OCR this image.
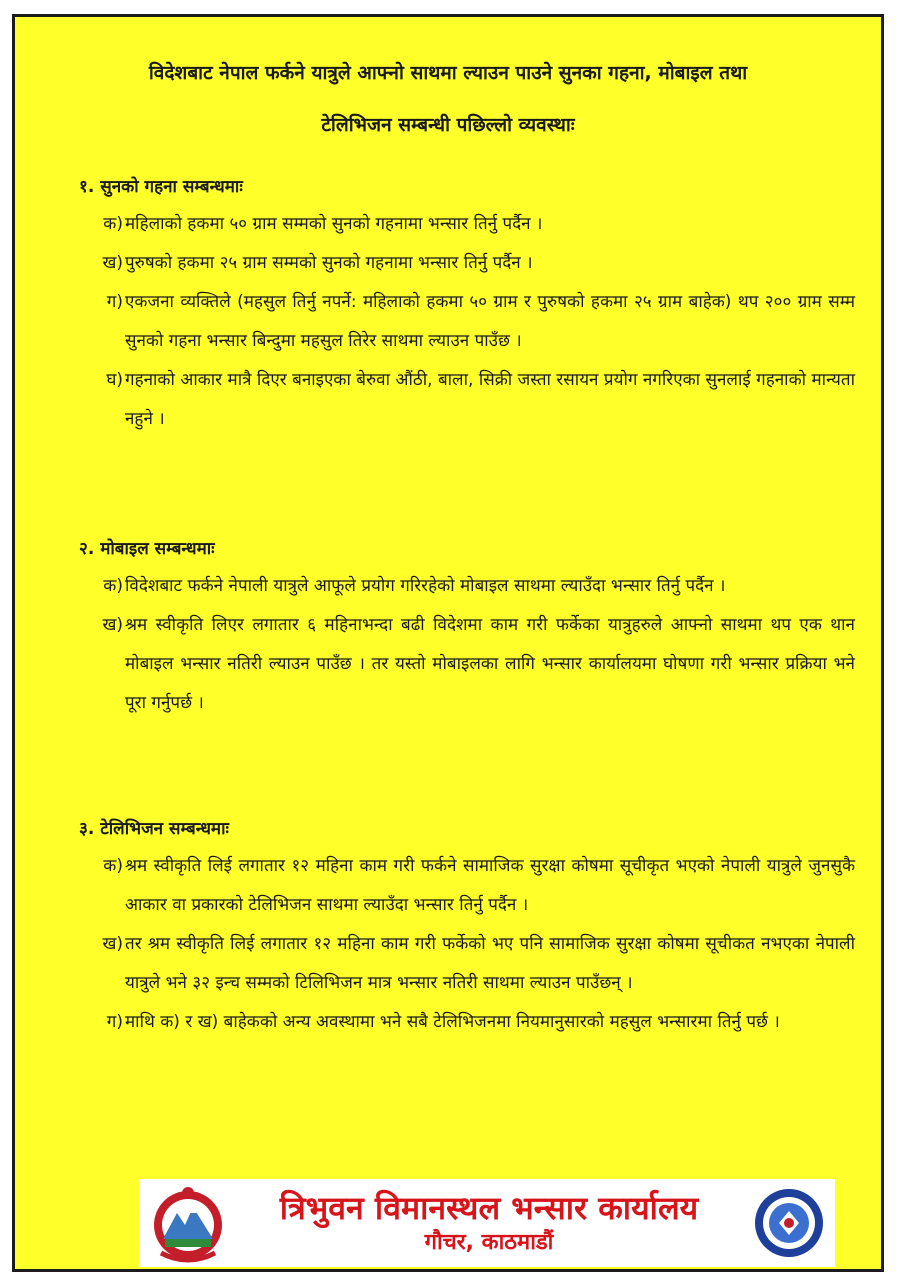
विदेशबाट नेपाल फर्कने यात्रुले आफ्नो साथमा ल्याउन पाउने सुनका गहना, मोबाइल तथा
टेलिभिजन सम्बन्धी पछिल्लो व्यवस्थाः
१. सुनको गहना सम्बन्धमाः
क) महिलाको हकमा ५० ग्राम सम्मको सुनको गहनामा भन्सार तिर्नु पर्दैन ।
ख) पुरुषको हकमा २५ ग्राम सम्मको सुनको गहनामा भन्सार तिर्नु पर्दैन ।
ग) एकजना व्यक्तिले (महसुल तिर्नु नपर्ने: महिलाको हकमा ५० ग्राम र पुरुषको हकमा २५ ग्राम बाहेक) थप २०० ग्राम सम्म सुनको गहना भन्सार बिन्दुमा महसुल तिरेर साथमा ल्याउन पाउँछ ।
घ) गहनाको आकार मात्रै दिएर बनाइएका बेरुवा औंठी, बाला, सिक्री जस्ता रसायन प्रयोग नगरिएका सुनलाई गहनाको मान्यता नहुने ।
२. मोबाइल सम्बन्धमाः
क) विदेशबाट फर्कने नेपाली यात्रुले आफूले प्रयोग गरिरहेको मोबाइल साथमा ल्याउँदा भन्सार तिर्नु पर्दैन ।
ख) श्रम स्वीकृति लिएर लगातार ६ महिनाभन्दा बढी विदेशमा काम गरी फर्केका यात्रुहरुले आफ्नो साथमा थप एक थान मोबाइल भन्सार नतिरी ल्याउन पाउँछ । तर यस्तो मोबाइलका लागि भन्सार कार्यालयमा घोषणा गरी भन्सार प्रक्रिया भने पूरा गर्नुपर्छ ।
३. टेलिभिजन सम्बन्धमाः
क) श्रम स्वीकृति लिई लगातार १२ महिना काम गरी फर्कने सामाजिक सुरक्षा कोषमा सूचीकृत भएको नेपाली यात्रुले जुनसुकै आकार वा प्रकारको टेलिभिजन साथमा ल्याउँदा भन्सार तिर्नु पर्दैन ।
ख) तर श्रम स्वीकृति लिई लगातार १२ महिना काम गरी फर्केको भए पनि सामाजिक सुरक्षा कोषमा सूचीकत नभएका नेपाली यात्रुले भने ३२ इन्च सम्मको टिलिभिजन मात्र भन्सार नतिरी साथमा ल्याउन पाउँछन् ।
ग) माथि क) र ख) बाहेकको अन्य अवस्थामा भने सबै टेलिभिजनमा नियमानुसारको महसुल भन्सारमा तिर्नु पर्छ ।
त्रिभुवन विमानस्थल भन्सार कार्यालय
गौचर, काठमाडौं
